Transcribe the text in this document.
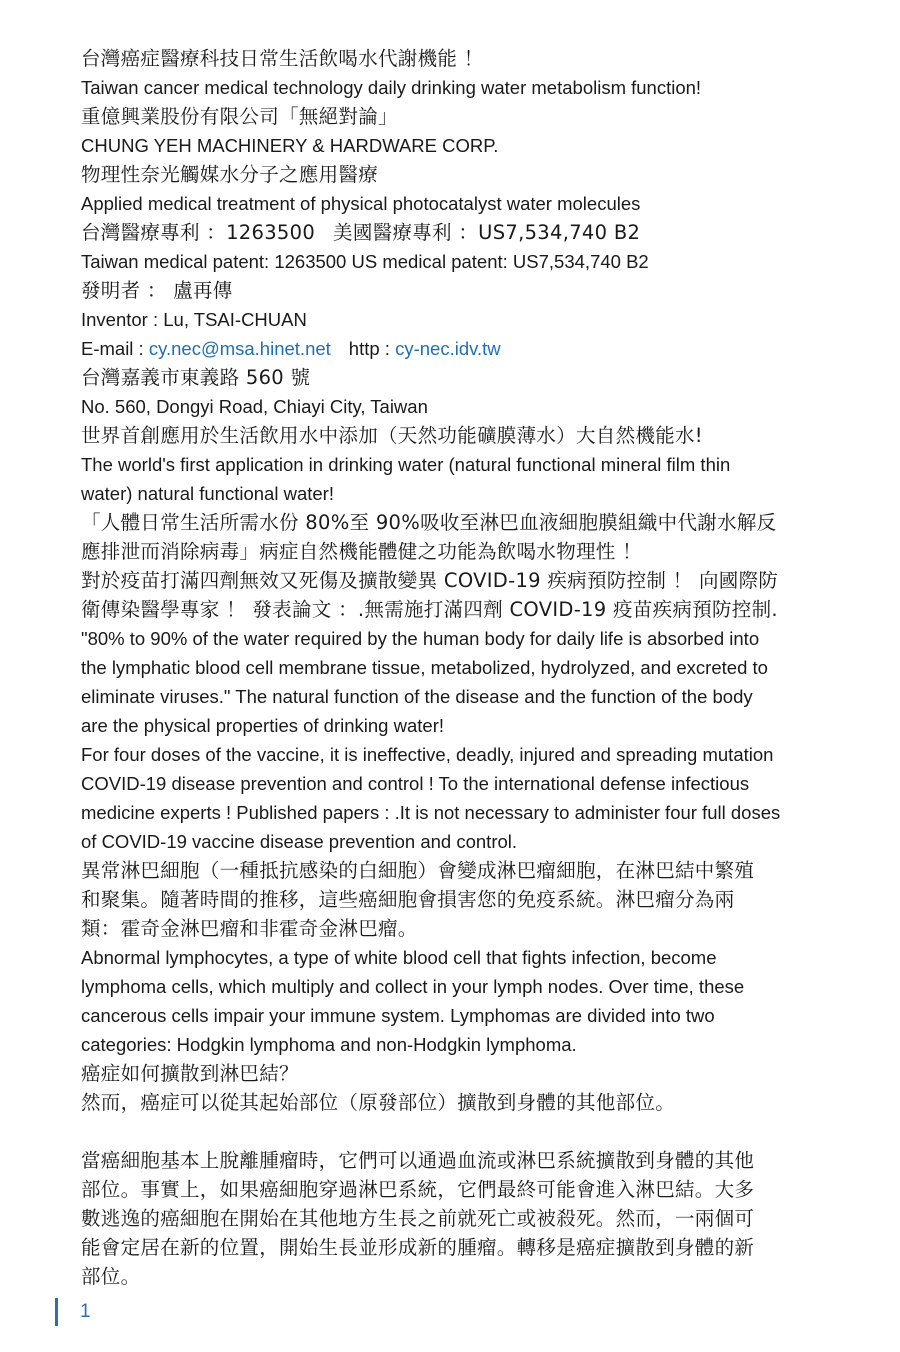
台灣癌症醫療科技日常生活飲喝水代謝機能 ！
Taiwan cancer medical technology daily drinking water metabolism function!
重億興業股份有限公司「無絕對論」
CHUNG YEH MACHINERY & HARDWARE CORP.
物理性奈光觸媒水分子之應用醫療
Applied medical treatment of physical photocatalyst water molecules
台灣醫療專利 ：1263500 美國醫療專利 ：US7,534,740 B2
Taiwan medical patent: 1263500 US medical patent: US7,534,740 B2
發明者 ： 盧再傳
Inventor : Lu, TSAI-CHUAN
E-mail : cy.nec@msa.hinet.net http : cy-nec.idv.tw
台灣嘉義市東義路 560 號
No. 560, Dongyi Road, Chiayi City, Taiwan
世界首創應用於生活飲用水中添加（天然功能礦膜薄水）大自然機能水!
The world's first application in drinking water (natural functional mineral film thin
water) natural functional water!
「人體日常生活所需水份 80%至 90%吸收至淋巴血液細胞膜組織中代謝水解反
應排泄而消除病毒」病症自然機能體健之功能為飲喝水物理性 ！
對於疫苗打滿四劑無效又死傷及擴散變異 COVID-19 疾病預防控制 ！ 向國際防
衛傳染醫學專家 ！ 發表論文 ：.無需施打滿四劑 COVID-19 疫苗疾病預防控制.
"80% to 90% of the water required by the human body for daily life is absorbed into
the lymphatic blood cell membrane tissue, metabolized, hydrolyzed, and excreted to
eliminate viruses." The natural function of the disease and the function of the body
are the physical properties of drinking water!
For four doses of the vaccine, it is ineffective, deadly, injured and spreading mutation
COVID-19 disease prevention and control ! To the international defense infectious
medicine experts ! Published papers : .It is not necessary to administer four full doses
of COVID-19 vaccine disease prevention and control.
異常淋巴細胞（一種抵抗感染的白細胞）會變成淋巴瘤細胞，在淋巴結中繁殖
和聚集。隨著時間的推移，這些癌細胞會損害您的免疫系統。淋巴瘤分為兩
類：霍奇金淋巴瘤和非霍奇金淋巴瘤。
Abnormal lymphocytes, a type of white blood cell that fights infection, become
lymphoma cells, which multiply and collect in your lymph nodes. Over time, these
cancerous cells impair your immune system. Lymphomas are divided into two
categories: Hodgkin lymphoma and non-Hodgkin lymphoma.
癌症如何擴散到淋巴結？
然而，癌症可以從其起始部位（原發部位）擴散到身體的其他部位。
當癌細胞基本上脫離腫瘤時，它們可以通過血流或淋巴系統擴散到身體的其他
部位。事實上，如果癌細胞穿過淋巴系統，它們最終可能會進入淋巴結。大多
數逃逸的癌細胞在開始在其他地方生長之前就死亡或被殺死。然而，一兩個可
能會定居在新的位置，開始生長並形成新的腫瘤。轉移是癌症擴散到身體的新
部位。
1
